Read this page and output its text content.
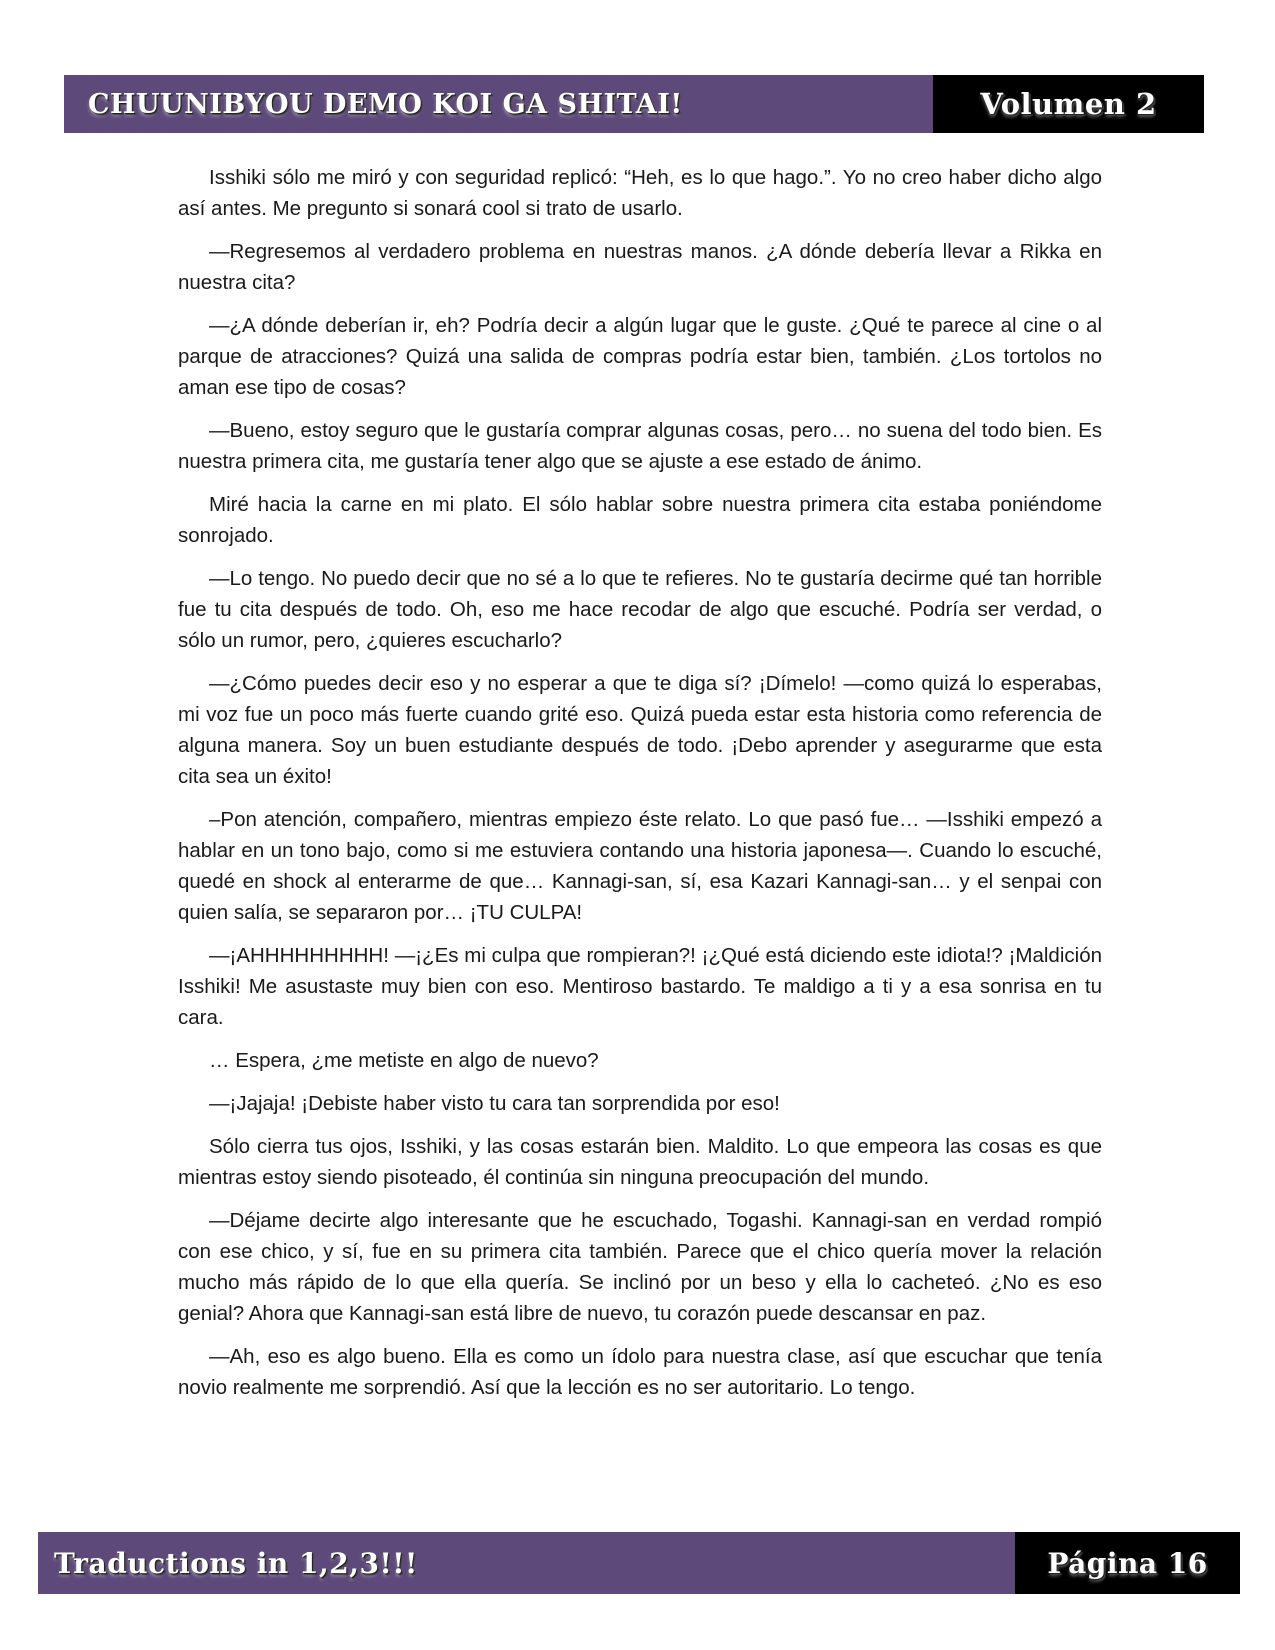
CHUUNIBYOU DEMO KOI GA SHITAI!	Volumen 2

Isshiki sólo me miró y con seguridad replicó: “Heh, es lo que hago.”. Yo no creo haber dicho algo así antes. Me pregunto si sonará cool si trato de usarlo.

—Regresemos al verdadero problema en nuestras manos. ¿A dónde debería llevar a Rikka en nuestra cita?

—¿A dónde deberían ir, eh? Podría decir a algún lugar que le guste. ¿Qué te parece al cine o al parque de atracciones? Quizá una salida de compras podría estar bien, también. ¿Los tortolos no aman ese tipo de cosas?

—Bueno, estoy seguro que le gustaría comprar algunas cosas, pero… no suena del todo bien. Es nuestra primera cita, me gustaría tener algo que se ajuste a ese estado de ánimo.

Miré hacia la carne en mi plato. El sólo hablar sobre nuestra primera cita estaba poniéndome sonrojado.

—Lo tengo. No puedo decir que no sé a lo que te refieres. No te gustaría decirme qué tan horrible fue tu cita después de todo. Oh, eso me hace recodar de algo que escuché. Podría ser verdad, o sólo un rumor, pero, ¿quieres escucharlo?

—¿Cómo puedes decir eso y no esperar a que te diga sí? ¡Dímelo! —como quizá lo esperabas, mi voz fue un poco más fuerte cuando grité eso. Quizá pueda estar esta historia como referencia de alguna manera. Soy un buen estudiante después de todo. ¡Debo aprender y asegurarme que esta cita sea un éxito!

–Pon atención, compañero, mientras empiezo éste relato. Lo que pasó fue… —Isshiki empezó a hablar en un tono bajo, como si me estuviera contando una historia japonesa—. Cuando lo escuché, quedé en shock al enterarme de que… Kannagi-san, sí, esa Kazari Kannagi-san… y el senpai con quien salía, se separaron por… ¡TU CULPA!

—¡AHHHHHHHHH! —¡¿Es mi culpa que rompieran?! ¡¿Qué está diciendo este idiota!? ¡Maldición Isshiki! Me asustaste muy bien con eso. Mentiroso bastardo. Te maldigo a ti y a esa sonrisa en tu cara.

… Espera, ¿me metiste en algo de nuevo?

—¡Jajaja! ¡Debiste haber visto tu cara tan sorprendida por eso!

Sólo cierra tus ojos, Isshiki, y las cosas estarán bien. Maldito. Lo que empeora las cosas es que mientras estoy siendo pisoteado, él continúa sin ninguna preocupación del mundo.

—Déjame decirte algo interesante que he escuchado, Togashi. Kannagi-san en verdad rompió con ese chico, y sí, fue en su primera cita también. Parece que el chico quería mover la relación mucho más rápido de lo que ella quería. Se inclinó por un beso y ella lo cacheteó. ¿No es eso genial? Ahora que Kannagi-san está libre de nuevo, tu corazón puede descansar en paz.

—Ah, eso es algo bueno. Ella es como un ídolo para nuestra clase, así que escuchar que tenía novio realmente me sorprendió. Así que la lección es no ser autoritario. Lo tengo.

Traductions in 1,2,3!!!	Página 16
